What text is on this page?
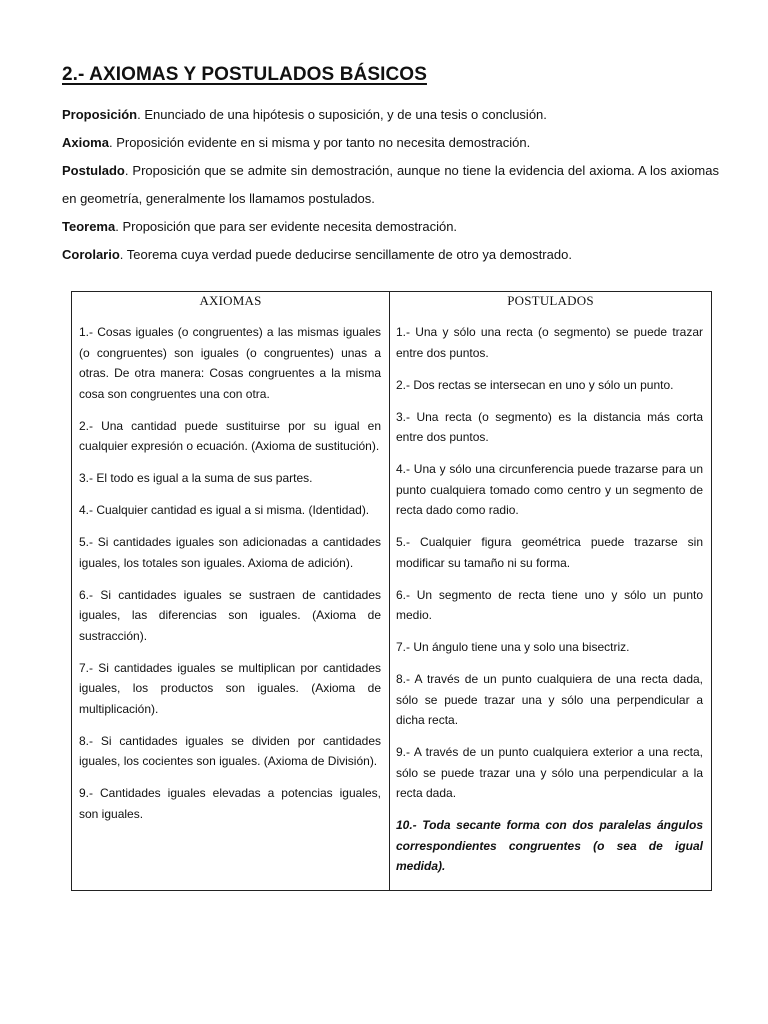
2.- AXIOMAS Y POSTULADOS BÁSICOS

Proposición. Enunciado de una hipótesis o suposición, y de una tesis o conclusión.

Axioma. Proposición evidente en si misma y por tanto no necesita demostración.

Postulado. Proposición que se admite sin demostración, aunque no tiene la evidencia del axioma. A los axiomas en geometría, generalmente los llamamos postulados.

Teorema. Proposición que para ser evidente necesita demostración.

Corolario. Teorema cuya verdad puede deducirse sencillamente de otro ya demostrado.

AXIOMAS
1.- Cosas iguales (o congruentes) a las mismas iguales (o congruentes) son iguales (o congruentes) unas a otras. De otra manera: Cosas congruentes a la misma cosa son congruentes una con otra.
2.- Una cantidad puede sustituirse por su igual en cualquier expresión o ecuación. (Axioma de sustitución).
3.- El todo es igual a la suma de sus partes.
4.- Cualquier cantidad es igual a si misma. (Identidad).
5.- Si cantidades iguales son adicionadas a cantidades iguales, los totales son iguales. Axioma de adición).
6.- Si cantidades iguales se sustraen de cantidades iguales, las diferencias son iguales. (Axioma de sustracción).
7.- Si cantidades iguales se multiplican por cantidades iguales, los productos son iguales. (Axioma de multiplicación).
8.- Si cantidades iguales se dividen por cantidades iguales, los cocientes son iguales. (Axioma de División).
9.- Cantidades iguales elevadas a potencias iguales, son iguales.
POSTULADOS
1.- Una y sólo una recta (o segmento) se puede trazar entre dos puntos.
2.- Dos rectas se intersecan en uno y sólo un punto.
3.- Una recta (o segmento) es la distancia más corta entre dos puntos.
4.- Una y sólo una circunferencia puede trazarse para un punto cualquiera tomado como centro y un segmento de recta dado como radio.
5.- Cualquier figura geométrica puede trazarse sin modificar su tamaño ni su forma.
6.- Un segmento de recta tiene uno y sólo un punto medio.
7.- Un ángulo tiene una y solo una bisectriz.
8.- A través de un punto cualquiera de una recta dada, sólo se puede trazar una y sólo una perpendicular a dicha recta.
9.- A través de un punto cualquiera exterior a una recta, sólo se puede trazar una y sólo una perpendicular a la recta dada.
10.- Toda secante forma con dos paralelas ángulos correspondientes congruentes (o sea de igual medida).
